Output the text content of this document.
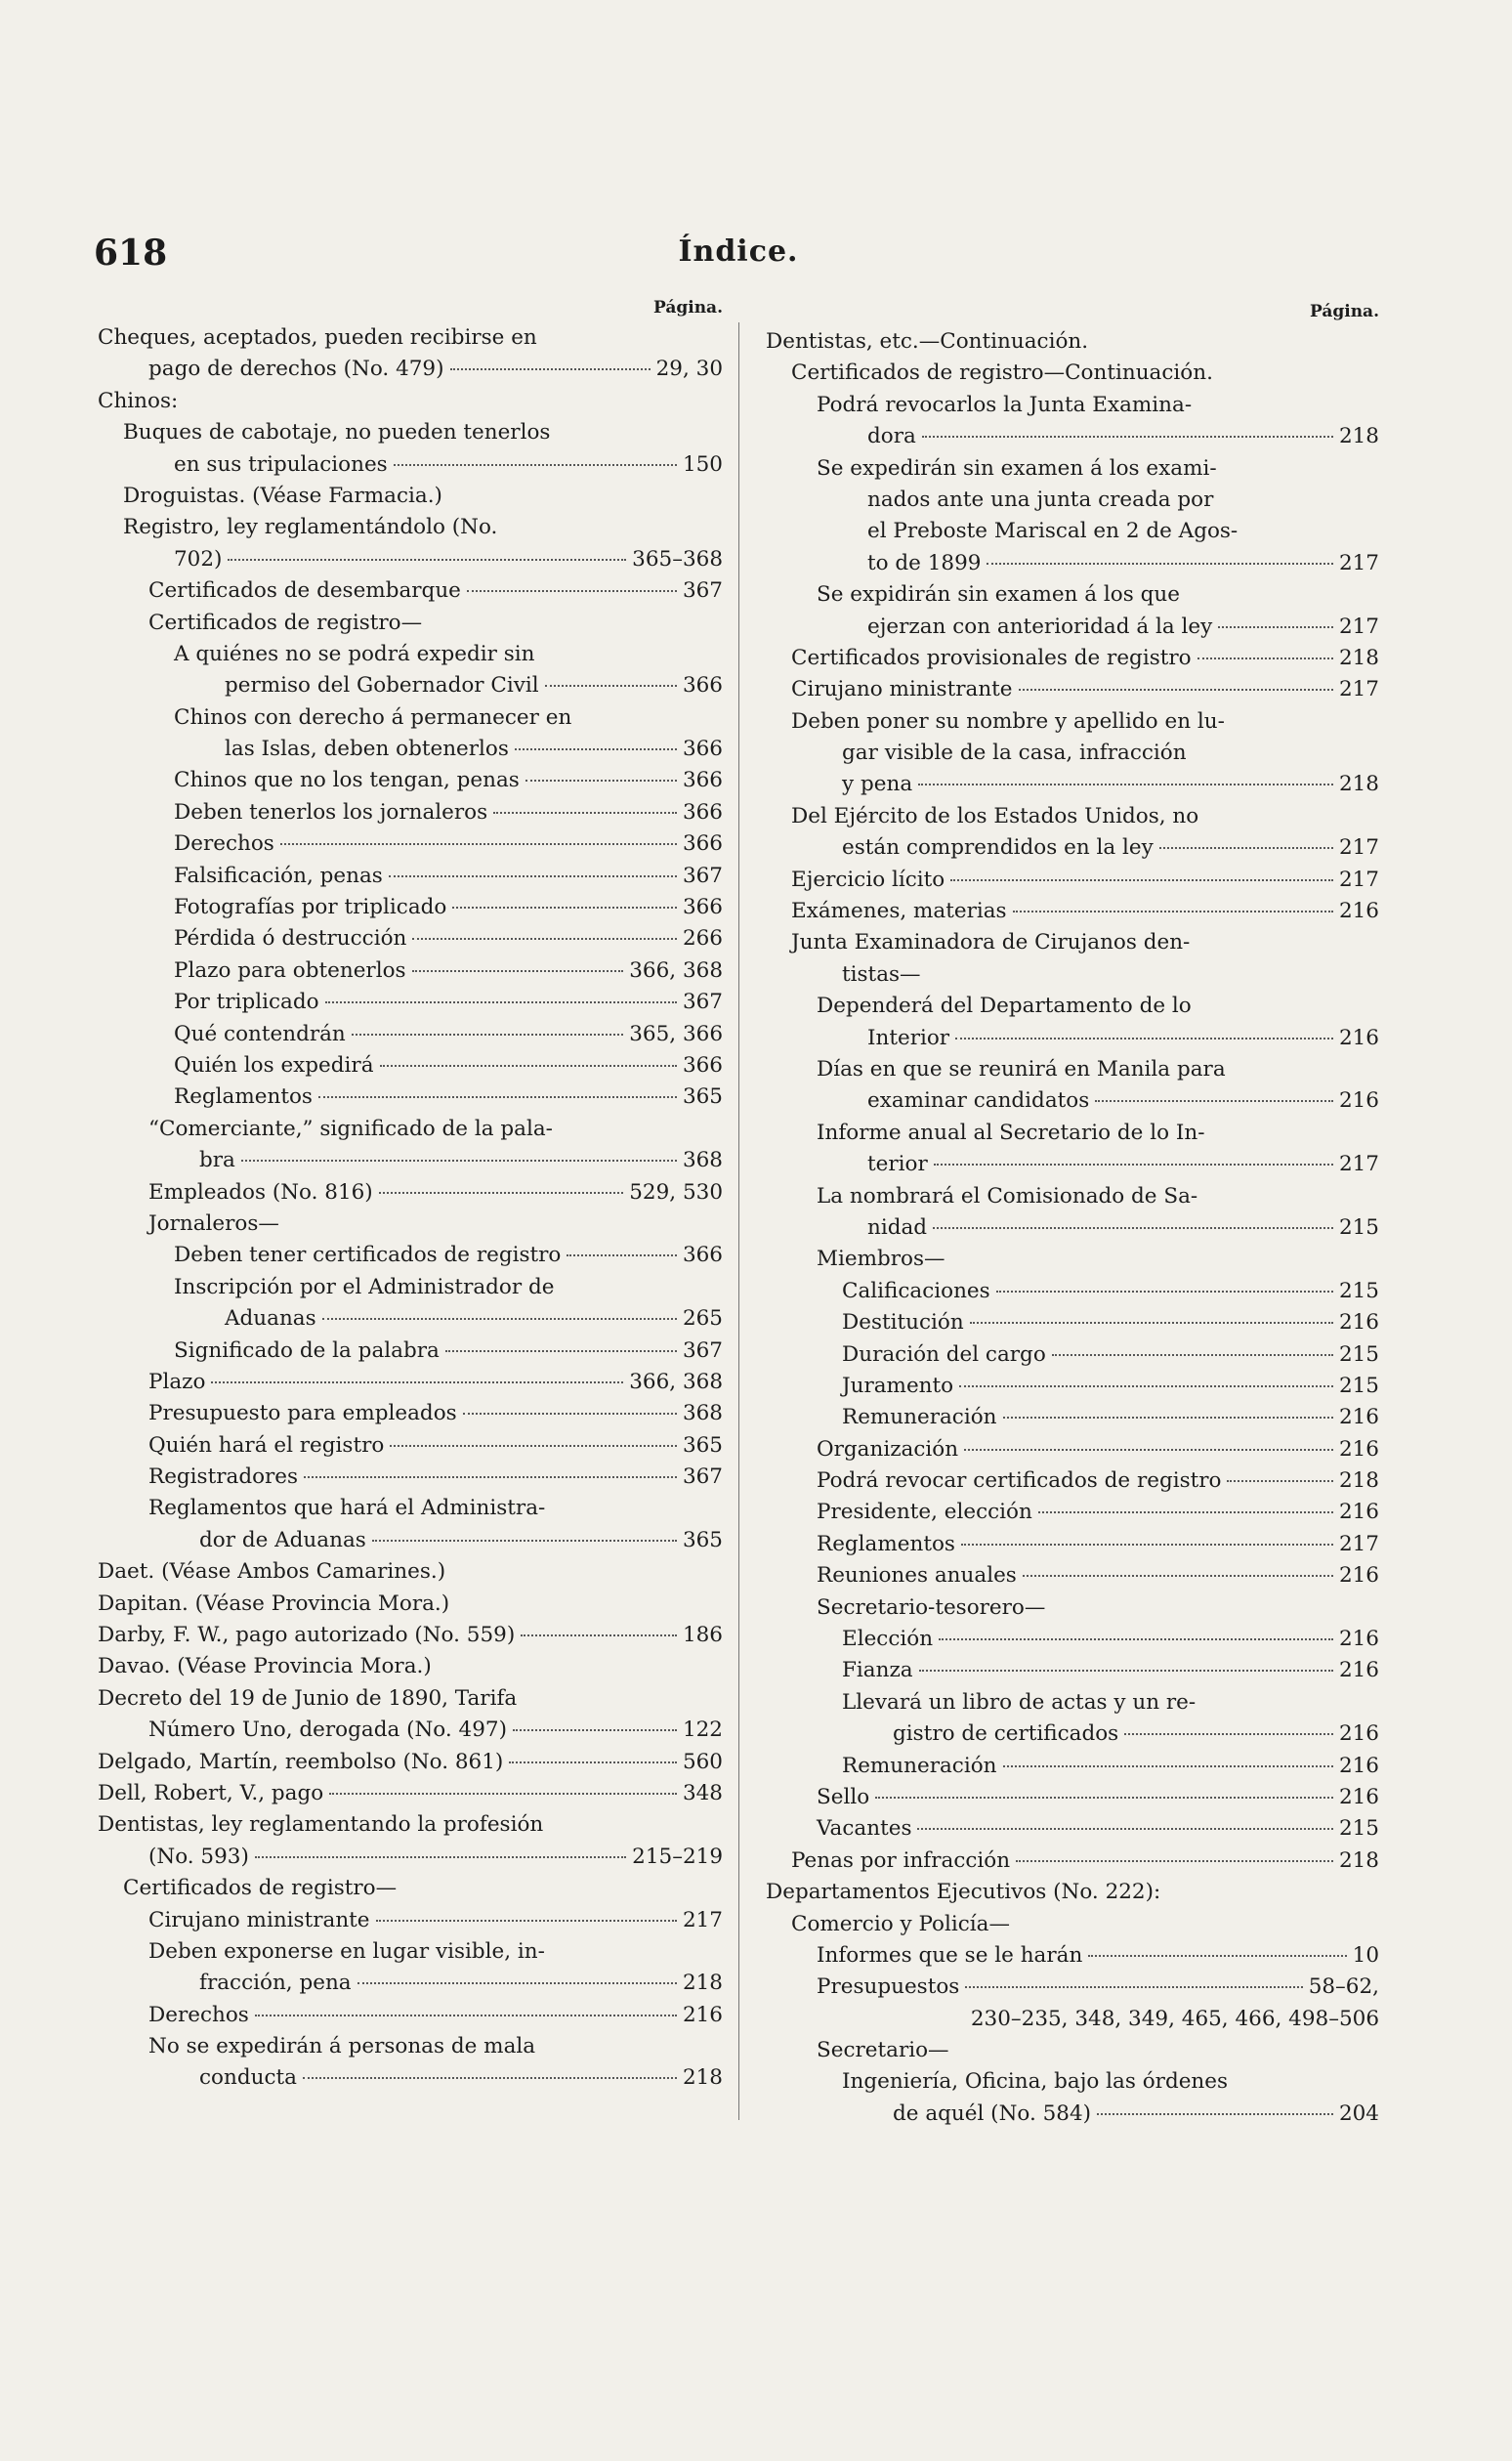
618	Índice.
Página.
Cheques, aceptados, pueden recibirse en
pago de derechos (No. 479)	29, 30
Chinos:
Buques de cabotaje, no pueden tenerlos
en sus tripulaciones	150
Droguistas. (Véase Farmacia.)
Registro, ley reglamentándolo (No.
702)	365–368
Certificados de desembarque	367
Certificados de registro—
A quiénes no se podrá expedir sin
permiso del Gobernador Civil	366
Chinos con derecho á permanecer en
las Islas, deben obtenerlos	366
Chinos que no los tengan, penas	366
Deben tenerlos los jornaleros	366
Derechos	366
Falsificación, penas	367
Fotografías por triplicado	366
Pérdida ó destrucción	266
Plazo para obtenerlos	366, 368
Por triplicado	367
Qué contendrán	365, 366
Quién los expedirá	366
Reglamentos	365
“Comerciante,” significado de la pala-
bra	368
Empleados (No. 816)	529, 530
Jornaleros—
Deben tener certificados de registro	366
Inscripción por el Administrador de
Aduanas	265
Significado de la palabra	367
Plazo	366, 368
Presupuesto para empleados	368
Quién hará el registro	365
Registradores	367
Reglamentos que hará el Administra-
dor de Aduanas	365
Daet. (Véase Ambos Camarines.)
Dapitan. (Véase Provincia Mora.)
Darby, F. W., pago autorizado (No. 559)	186
Davao. (Véase Provincia Mora.)
Decreto del 19 de Junio de 1890, Tarifa
Número Uno, derogada (No. 497)	122
Delgado, Martín, reembolso (No. 861)	560
Dell, Robert, V., pago	348
Dentistas, ley reglamentando la profesión
(No. 593)	215–219
Certificados de registro—
Cirujano ministrante	217
Deben exponerse en lugar visible, in-
fracción, pena	218
Derechos	216
No se expedirán á personas de mala
conducta	218
Página.
Dentistas, etc.—Continuación.
Certificados de registro—Continuación.
Podrá revocarlos la Junta Examina-
dora	218
Se expedirán sin examen á los exami-
nados ante una junta creada por
el Preboste Mariscal en 2 de Agos-
to de 1899	217
Se expidirán sin examen á los que
ejerzan con anterioridad á la ley	217
Certificados provisionales de registro	218
Cirujano ministrante	217
Deben poner su nombre y apellido en lu-
gar visible de la casa, infracción
y pena	218
Del Ejército de los Estados Unidos, no
están comprendidos en la ley	217
Ejercicio lícito	217
Exámenes, materias	216
Junta Examinadora de Cirujanos den-
tistas—
Dependerá del Departamento de lo
Interior	216
Días en que se reunirá en Manila para
examinar candidatos	216
Informe anual al Secretario de lo In-
terior	217
La nombrará el Comisionado de Sa-
nidad	215
Miembros—
Calificaciones	215
Destitución	216
Duración del cargo	215
Juramento	215
Remuneración	216
Organización	216
Podrá revocar certificados de registro	218
Presidente, elección	216
Reglamentos	217
Reuniones anuales	216
Secretario-tesorero—
Elección	216
Fianza	216
Llevará un libro de actas y un re-
gistro de certificados	216
Remuneración	216
Sello	216
Vacantes	215
Penas por infracción	218
Departamentos Ejecutivos (No. 222):
Comercio y Policía—
Informes que se le harán	10
Presupuestos	58–62,
230–235, 348, 349, 465, 466, 498–506
Secretario—
Ingeniería, Oficina, bajo las órdenes
de aquél (No. 584)	204
